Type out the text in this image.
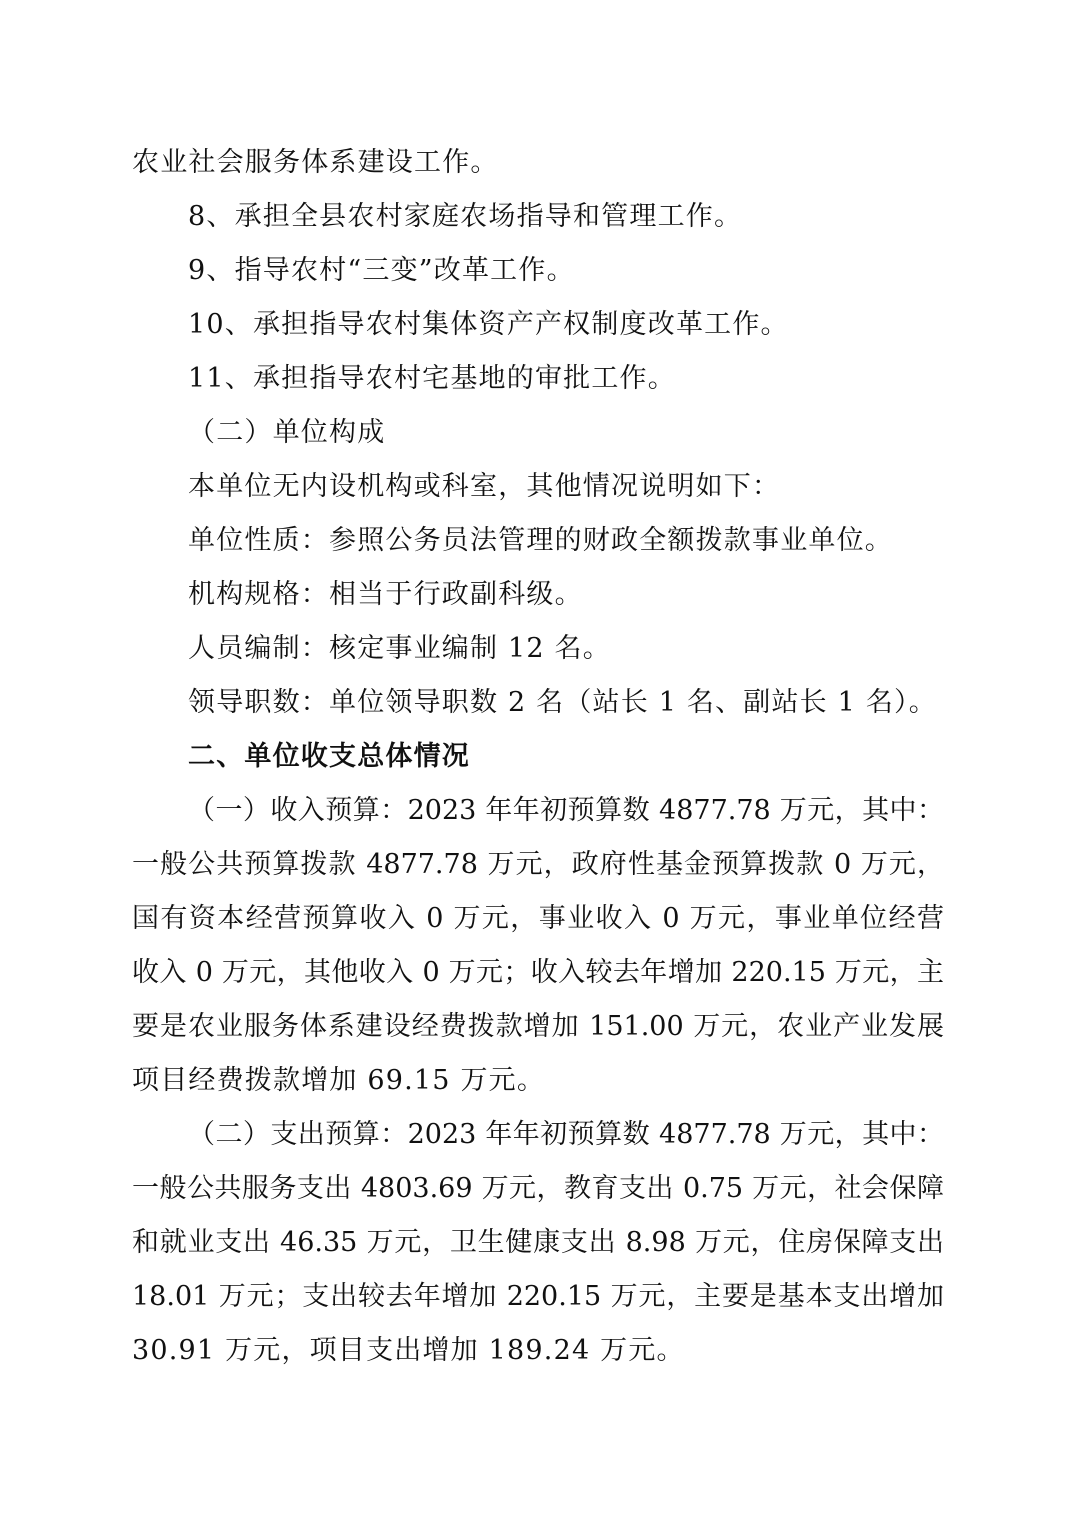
农业社会服务体系建设工作。
8、承担全县农村家庭农场指导和管理工作。
9、指导农村“三变”改革工作。
10、承担指导农村集体资产产权制度改革工作。
11、承担指导农村宅基地的审批工作。
（二）单位构成
本单位无内设机构或科室，其他情况说明如下：
单位性质：参照公务员法管理的财政全额拨款事业单位。
机构规格：相当于行政副科级。
人员编制：核定事业编制 12 名。
领导职数：单位领导职数 2 名（站长 1 名、副站长 1 名）。
二、单位收支总体情况
（一）收入预算：2023 年年初预算数 4877.78 万元，其中：
一般公共预算拨款 4877.78 万元，政府性基金预算拨款 0 万元，
国有资本经营预算收入 0 万元，事业收入 0 万元，事业单位经营
收入 0 万元，其他收入 0 万元；收入较去年增加 220.15 万元，主
要是农业服务体系建设经费拨款增加 151.00 万元，农业产业发展
项目经费拨款增加 69.15 万元。
（二）支出预算：2023 年年初预算数 4877.78 万元，其中：
一般公共服务支出 4803.69 万元，教育支出 0.75 万元，社会保障
和就业支出 46.35 万元，卫生健康支出 8.98 万元，住房保障支出
18.01 万元；支出较去年增加 220.15 万元，主要是基本支出增加
30.91 万元，项目支出增加 189.24 万元。
